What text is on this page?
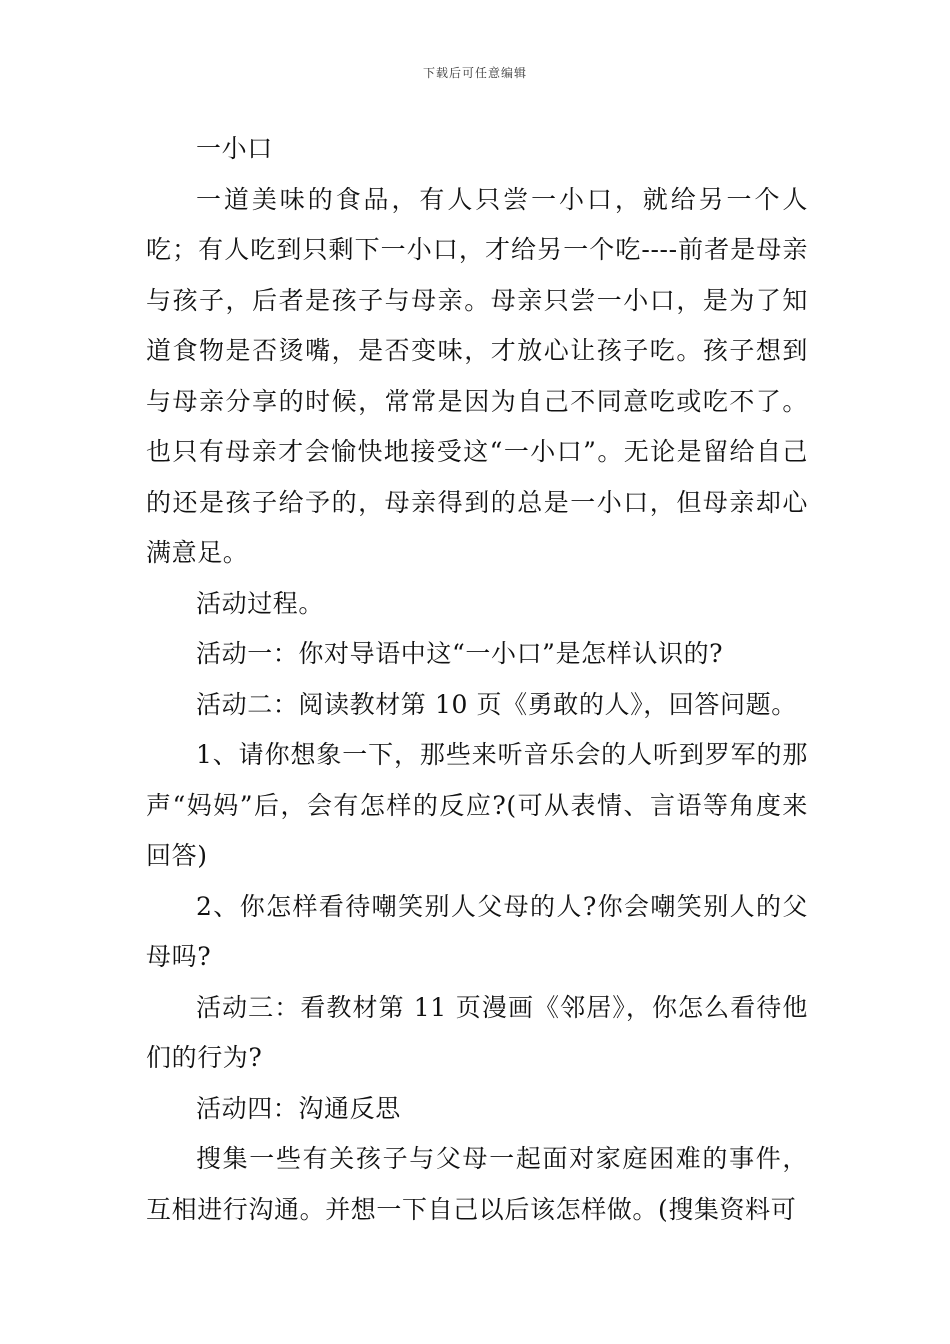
下载后可任意编辑

一小口

一道美味的食品，有人只尝一小口，就给另一个人吃；有人吃到只剩下一小口，才给另一个吃----前者是母亲与孩子，后者是孩子与母亲。母亲只尝一小口，是为了知道食物是否烫嘴，是否变味，才放心让孩子吃。孩子想到与母亲分享的时候，常常是因为自己不同意吃或吃不了。也只有母亲才会愉快地接受这“一小口”。无论是留给自己的还是孩子给予的，母亲得到的总是一小口，但母亲却心满意足。

活动过程。

活动一：你对导语中这“一小口”是怎样认识的?

活动二：阅读教材第 10 页《勇敢的人》，回答问题。

1、请你想象一下，那些来听音乐会的人听到罗军的那声“妈妈”后，会有怎样的反应?(可从表情、言语等角度来回答)

2、你怎样看待嘲笑别人父母的人?你会嘲笑别人的父母吗?

活动三：看教材第 11 页漫画《邻居》，你怎么看待他们的行为?

活动四：沟通反思

搜集一些有关孩子与父母一起面对家庭困难的事件，互相进行沟通。并想一下自己以后该怎样做。(搜集资料可
